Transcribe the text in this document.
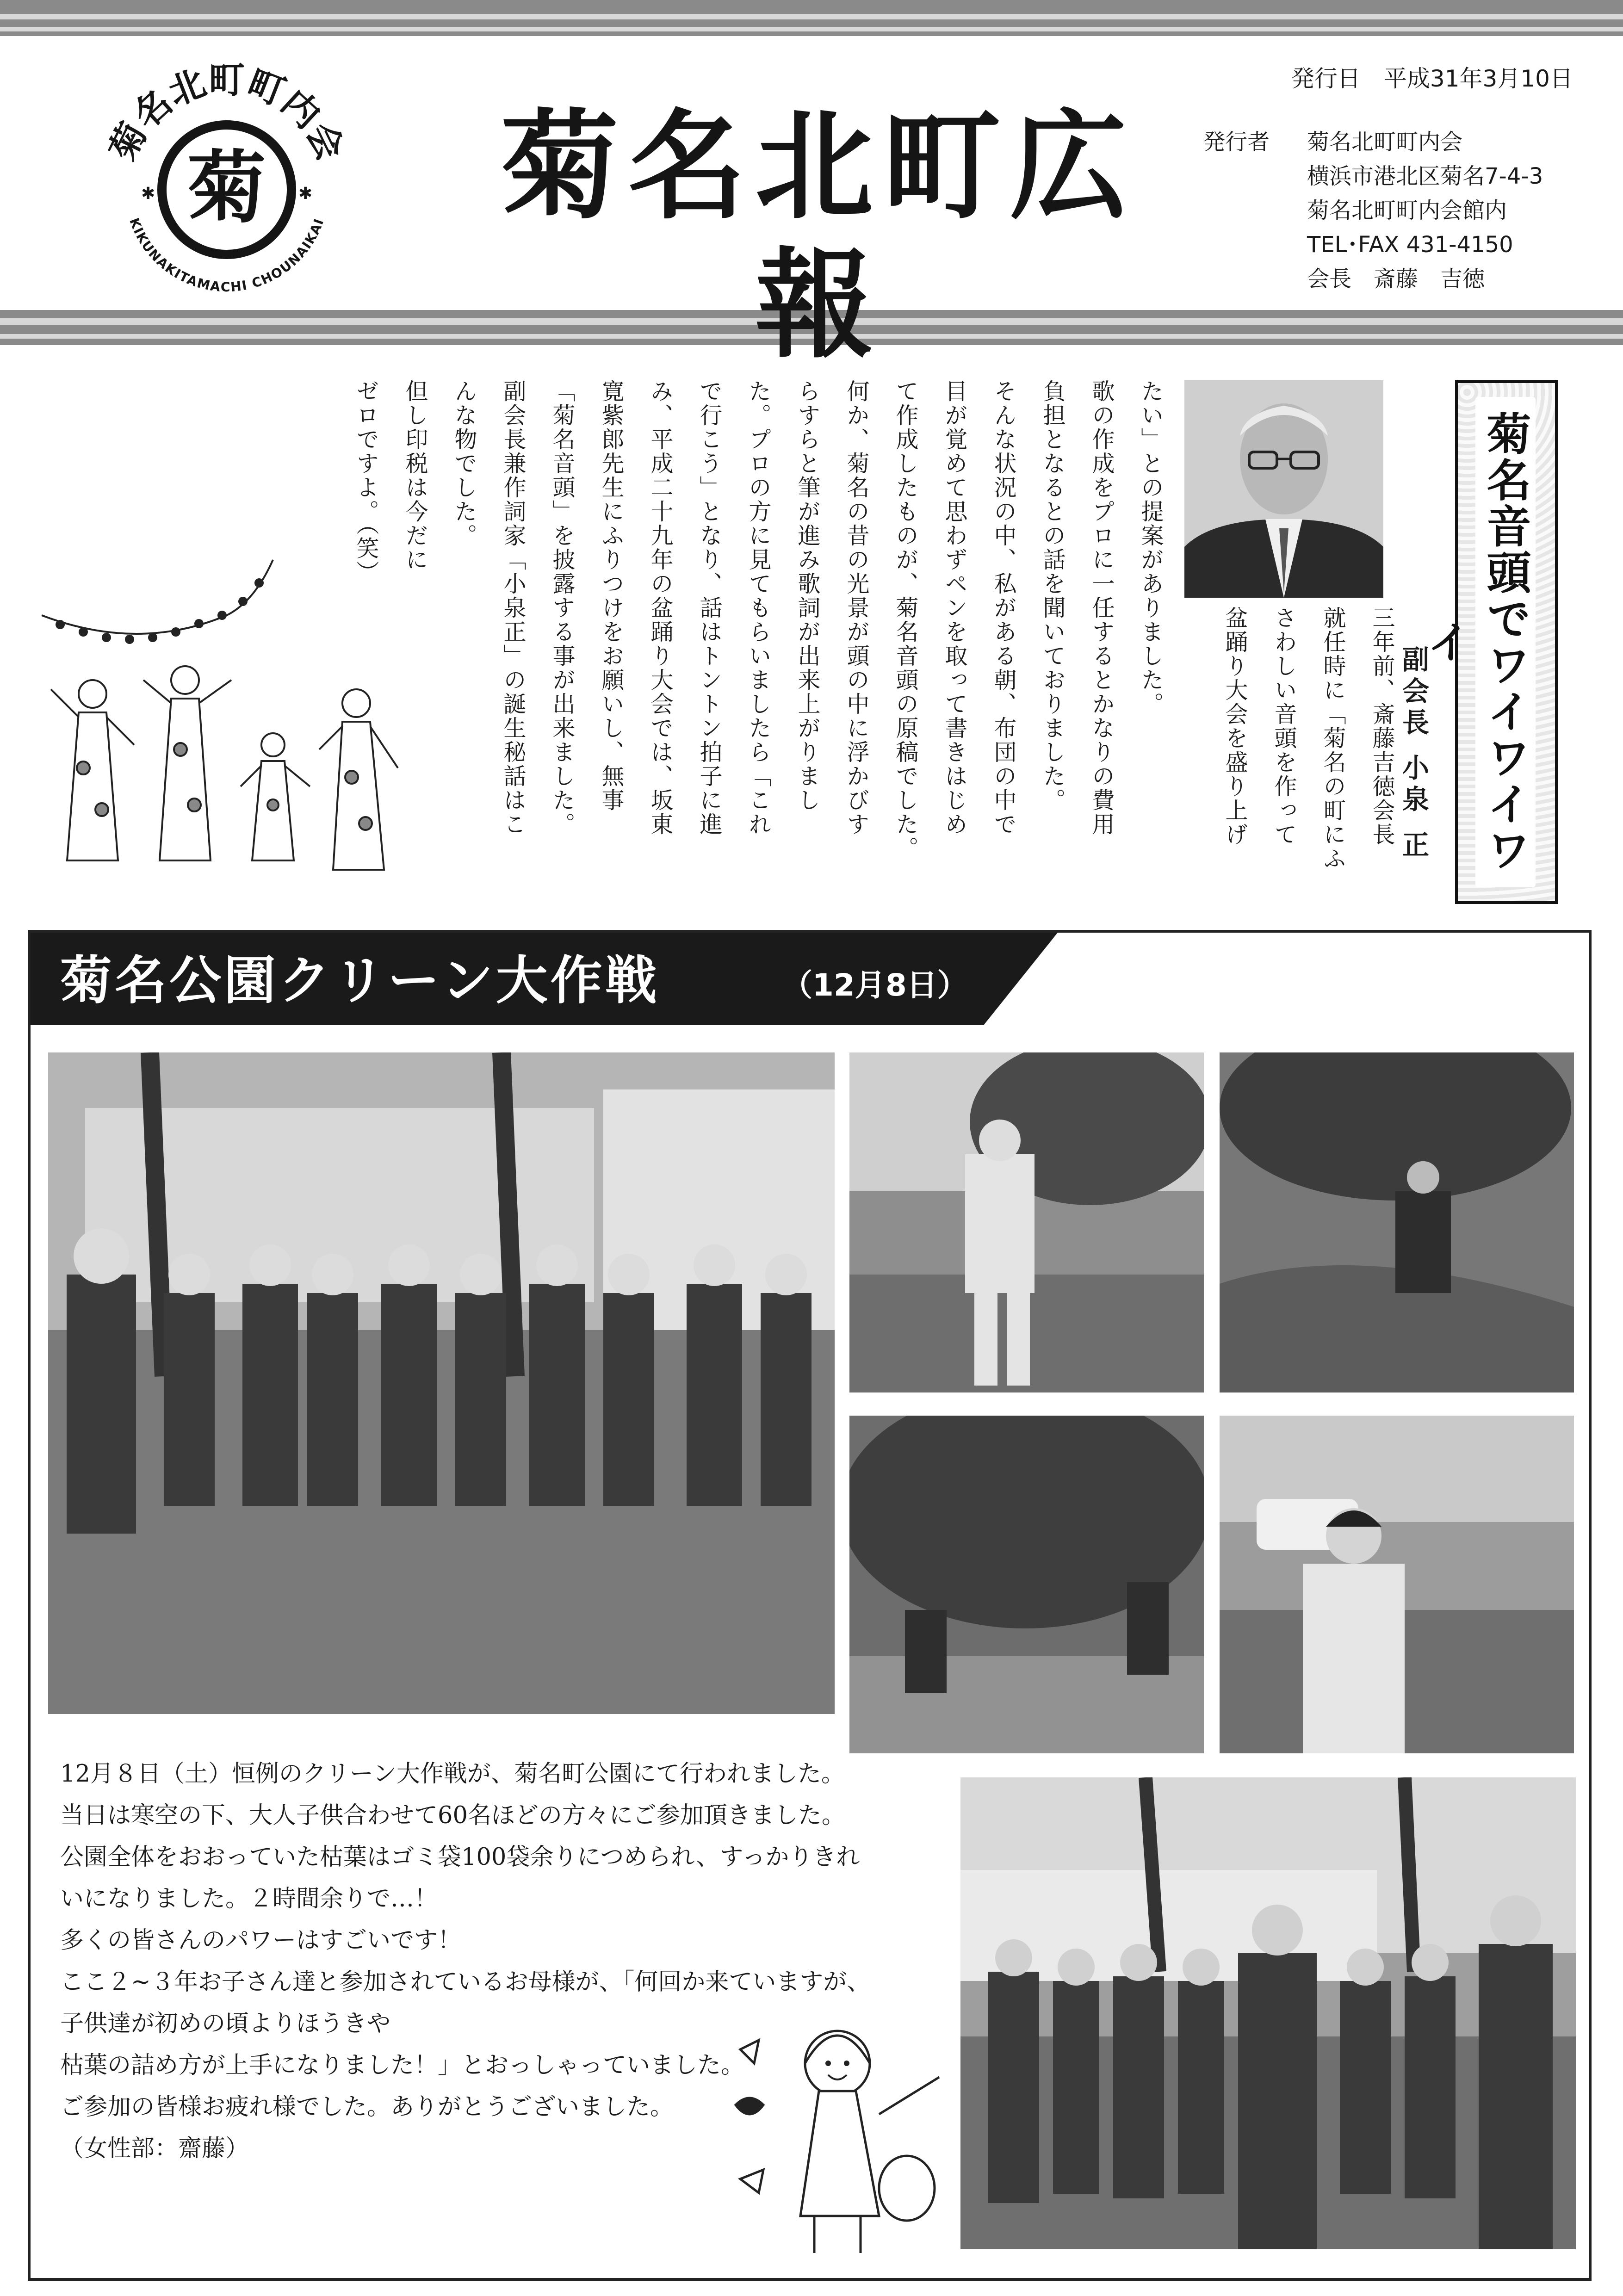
菊名北町町内会
KIKUNAKITAMACHI CHOUNAIKAI
菊
✱	✱ 菊名北町広報
発行日　平成31年3月10日
発行者	菊名北町町内会
横浜市港北区菊名7-4-3
菊名北町町内会館内
TEL･FAX 431-4150
会長　斎藤　吉徳
菊名音頭でワイワイワイ
副会長 小泉 正
三年前、斎藤吉徳会長
就任時に「菊名の町にふ
さわしい音頭を作って
盆踊り大会を盛り上げ
たい」との提案がありました。
歌の作成をプロに一任するとかなりの費用
負担となるとの話を聞いておりました。
そんな状況の中、私がある朝、布団の中で
目が覚めて思わずペンを取って書きはじめ
て作成したものが、菊名音頭の原稿でした。
何か、菊名の昔の光景が頭の中に浮かびす
らすらと筆が進み歌詞が出来上がりまし
た。プロの方に見てもらいましたら「これ
で行こう」となり、話はトントン拍子に進
み、平成二十九年の盆踊り大会では、坂東
寛紫郎先生にふりつけをお願いし、無事
「菊名音頭」を披露する事が出来ました。
副会長兼作詞家「小泉正」の誕生秘話はこ
んな物でした。
但し印税は今だに
ゼロですよ。（笑）
菊名公園クリーン大作戦	（12月8日）
12月８日（土）恒例のクリーン大作戦が、菊名町公園にて行われました。
当日は寒空の下、大人子供合わせて60名ほどの方々にご参加頂きました。
公園全体をおおっていた枯葉はゴミ袋100袋余りにつめられ、すっかりきれ
いになりました。２時間余りで…！
多くの皆さんのパワーはすごいです！
ここ２~３年お子さん達と参加されているお母様が、「何回か来ていますが、
子供達が初めの頃よりほうきや
枯葉の詰め方が上手になりました！」とおっしゃっていました。
ご参加の皆様お疲れ様でした。ありがとうございました。
（女性部：齋藤）
